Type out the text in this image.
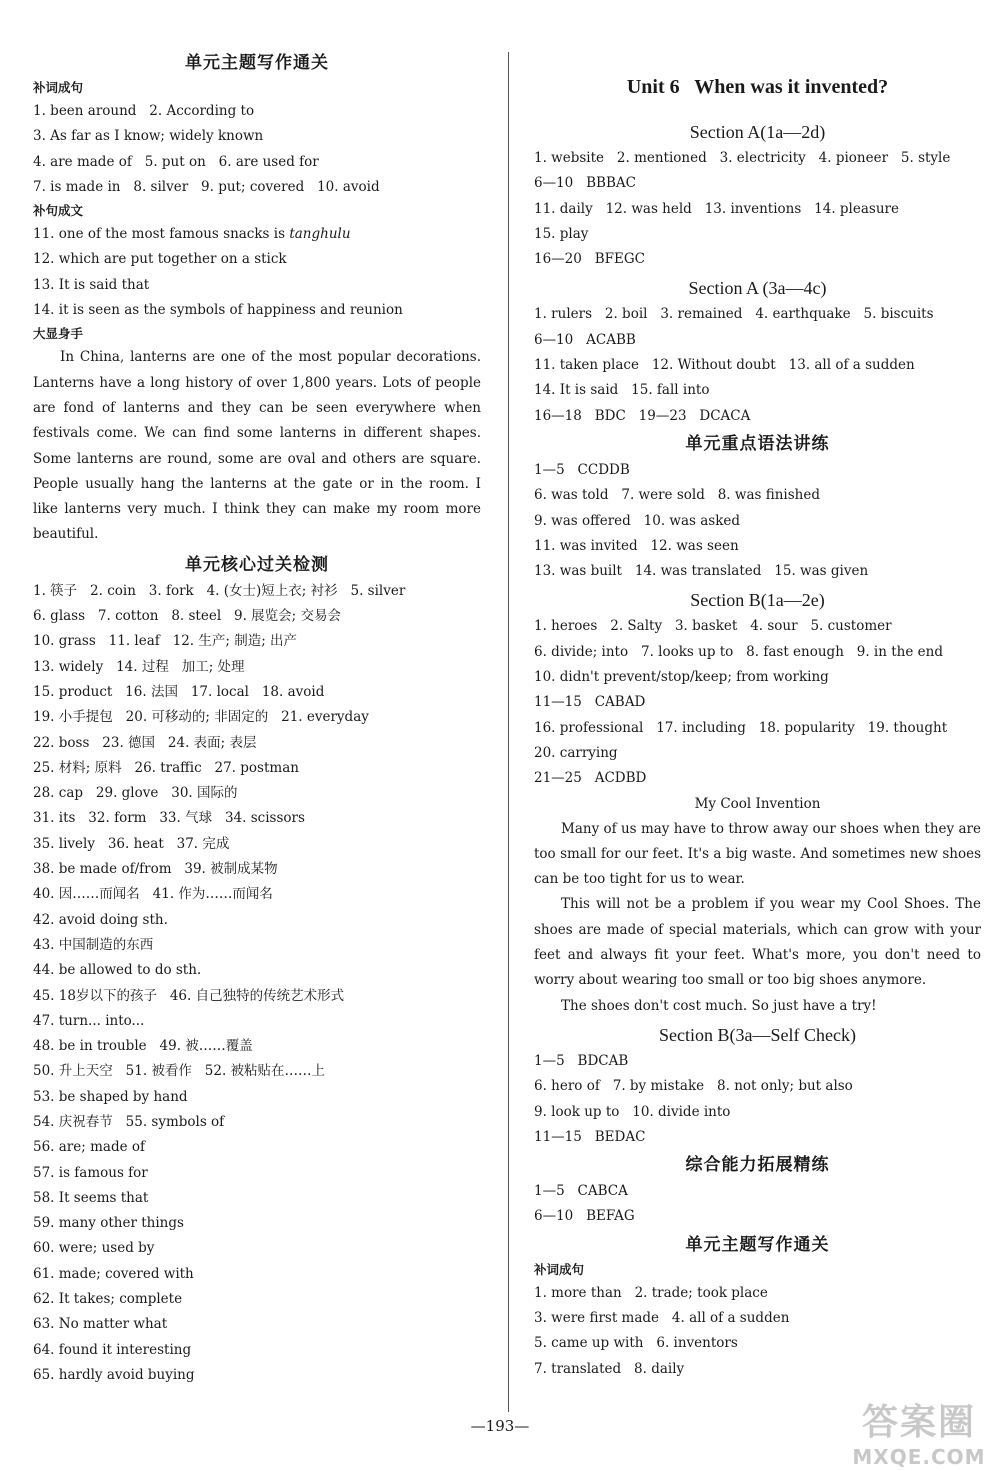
单元主题写作通关
补词成句
1. been around   2. According to
3. As far as I know; widely known
4. are made of   5. put on   6. are used for
7. is made in   8. silver   9. put; covered   10. avoid
补句成文
11. one of the most famous snacks is tanghulu
12. which are put together on a stick
13. It is said that
14. it is seen as the symbols of happiness and reunion
大显身手

In China, lanterns are one of the most popular decorations. Lanterns have a long history of over 1,800 years. Lots of people are fond of lanterns and they can be seen everywhere when festivals come. We can find some lanterns in different shapes. Some lanterns are round, some are oval and others are square. People usually hang the lanterns at the gate or in the room. I like lanterns very much. I think they can make my room more beautiful.

单元核心过关检测
1. 筷子   2. coin   3. fork   4. (女士)短上衣; 衬衫   5. silver
6. glass   7. cotton   8. steel   9. 展览会; 交易会
10. grass   11. leaf   12. 生产; 制造; 出产
13. widely   14. 过程   加工; 处理
15. product   16. 法国   17. local   18. avoid
19. 小手提包   20. 可移动的; 非固定的   21. everyday
22. boss   23. 德国   24. 表面; 表层
25. 材料; 原料   26. traffic   27. postman
28. cap   29. glove   30. 国际的
31. its   32. form   33. 气球   34. scissors
35. lively   36. heat   37. 完成
38. be made of/from   39. 被制成某物
40. 因……而闻名   41. 作为……而闻名
42. avoid doing sth.
43. 中国制造的东西
44. be allowed to do sth.
45. 18岁以下的孩子   46. 自己独特的传统艺术形式
47. turn... into...
48. be in trouble   49. 被……覆盖
50. 升上天空   51. 被看作   52. 被粘贴在……上
53. be shaped by hand
54. 庆祝春节   55. symbols of
56. are; made of
57. is famous for
58. It seems that
59. many other things
60. were; used by
61. made; covered with
62. It takes; complete
63. No matter what
64. found it interesting
65. hardly avoid buying
Unit 6   When was it invented?
Section A(1a—2d)
1. website   2. mentioned   3. electricity   4. pioneer   5. style
6—10   BBBAC
11. daily   12. was held   13. inventions   14. pleasure
15. play
16—20   BFEGC
Section A (3a—4c)
1. rulers   2. boil   3. remained   4. earthquake   5. biscuits
6—10   ACABB
11. taken place   12. Without doubt   13. all of a sudden
14. It is said   15. fall into
16—18   BDC   19—23   DCACA
单元重点语法讲练
1—5   CCDDB
6. was told   7. were sold   8. was finished
9. was offered   10. was asked
11. was invited   12. was seen
13. was built   14. was translated   15. was given
Section B(1a—2e)
1. heroes   2. Salty   3. basket   4. sour   5. customer
6. divide; into   7. looks up to   8. fast enough   9. in the end
10. didn't prevent/stop/keep; from working
11—15   CABAD
16. professional   17. including   18. popularity   19. thought
20. carrying
21—25   ACDBD
My Cool Invention
Many of us may have to throw away our shoes when they are too small for our feet. It's a big waste. And sometimes new shoes can be too tight for us to wear.
This will not be a problem if you wear my Cool Shoes. The shoes are made of special materials, which can grow with your feet and always fit your feet. What's more, you don't need to worry about wearing too small or too big shoes anymore.
The shoes don't cost much. So just have a try!
Section B(3a—Self Check)
1—5   BDCAB
6. hero of   7. by mistake   8. not only; but also
9. look up to   10. divide into
11—15   BEDAC
综合能力拓展精练
1—5   CABCA
6—10   BEFAG
单元主题写作通关
补词成句
1. more than   2. trade; took place
3. were first made   4. all of a sudden
5. came up with   6. inventors
7. translated   8. daily
—193—	答案圈
MXQE.COM
